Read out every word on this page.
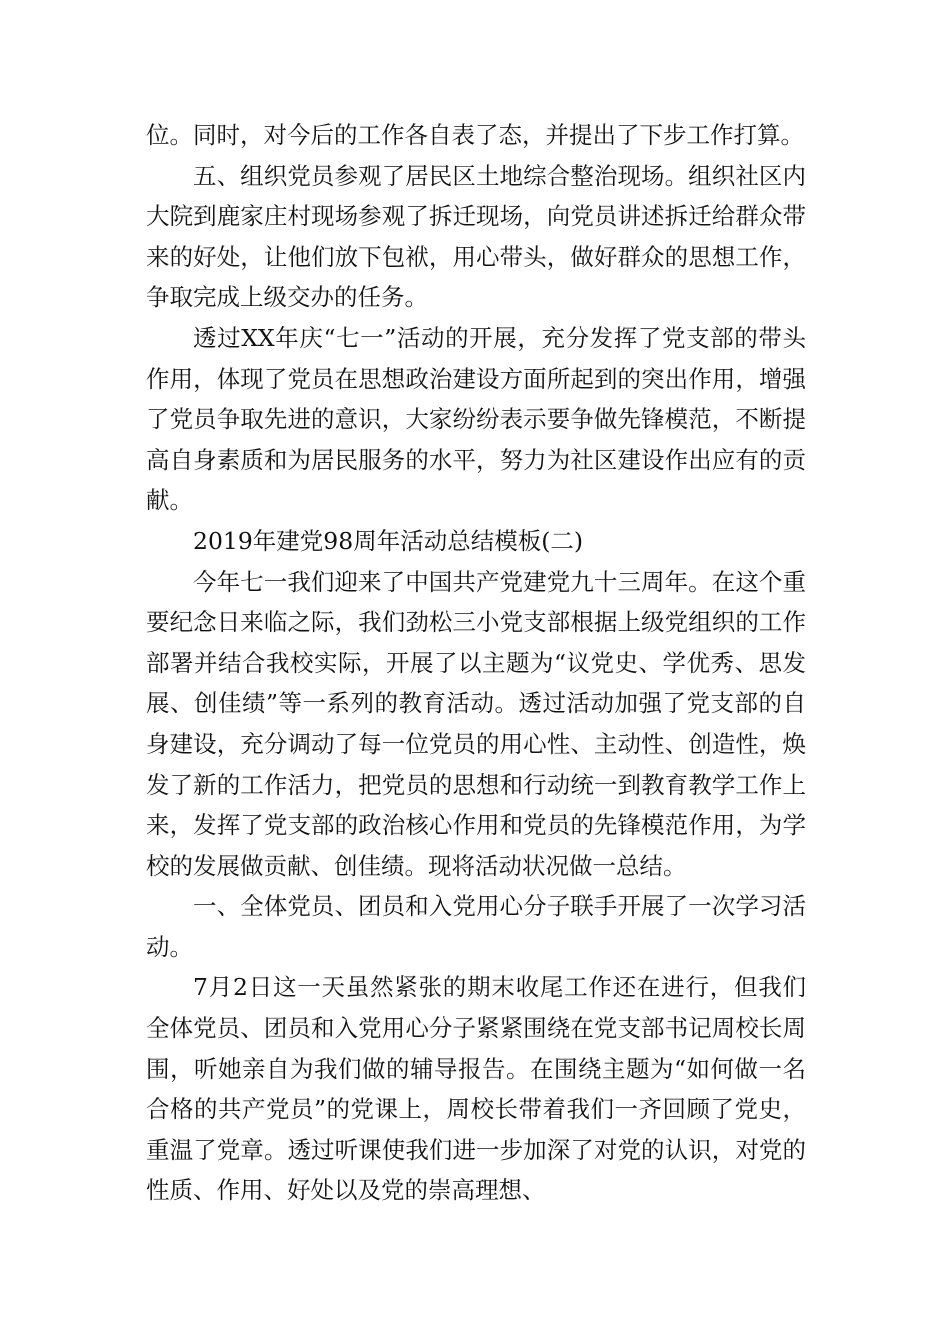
位。同时，对今后的工作各自表了态，并提出了下步工作打算。

五、组织党员参观了居民区土地综合整治现场。组织社区内大院到鹿家庄村现场参观了拆迁现场，向党员讲述拆迁给群众带来的好处，让他们放下包袱，用心带头，做好群众的思想工作，争取完成上级交办的任务。

透过XX年庆“七一”活动的开展，充分发挥了党支部的带头作用，体现了党员在思想政治建设方面所起到的突出作用，增强了党员争取先进的意识，大家纷纷表示要争做先锋模范，不断提高自身素质和为居民服务的水平，努力为社区建设作出应有的贡献。

2019年建党98周年活动总结模板(二)

今年七一我们迎来了中国共产党建党九十三周年。在这个重要纪念日来临之际，我们劲松三小党支部根据上级党组织的工作部署并结合我校实际，开展了以主题为“议党史、学优秀、思发展、创佳绩”等一系列的教育活动。透过活动加强了党支部的自身建设，充分调动了每一位党员的用心性、主动性、创造性，焕发了新的工作活力，把党员的思想和行动统一到教育教学工作上来，发挥了党支部的政治核心作用和党员的先锋模范作用，为学校的发展做贡献、创佳绩。现将活动状况做一总结。

一、全体党员、团员和入党用心分子联手开展了一次学习活动。

7月2日这一天虽然紧张的期末收尾工作还在进行，但我们全体党员、团员和入党用心分子紧紧围绕在党支部书记周校长周围，听她亲自为我们做的辅导报告。在围绕主题为“如何做一名合格的共产党员”的党课上，周校长带着我们一齐回顾了党史，重温了党章。透过听课使我们进一步加深了对党的认识，对党的性质、作用、好处以及党的崇高理想、
